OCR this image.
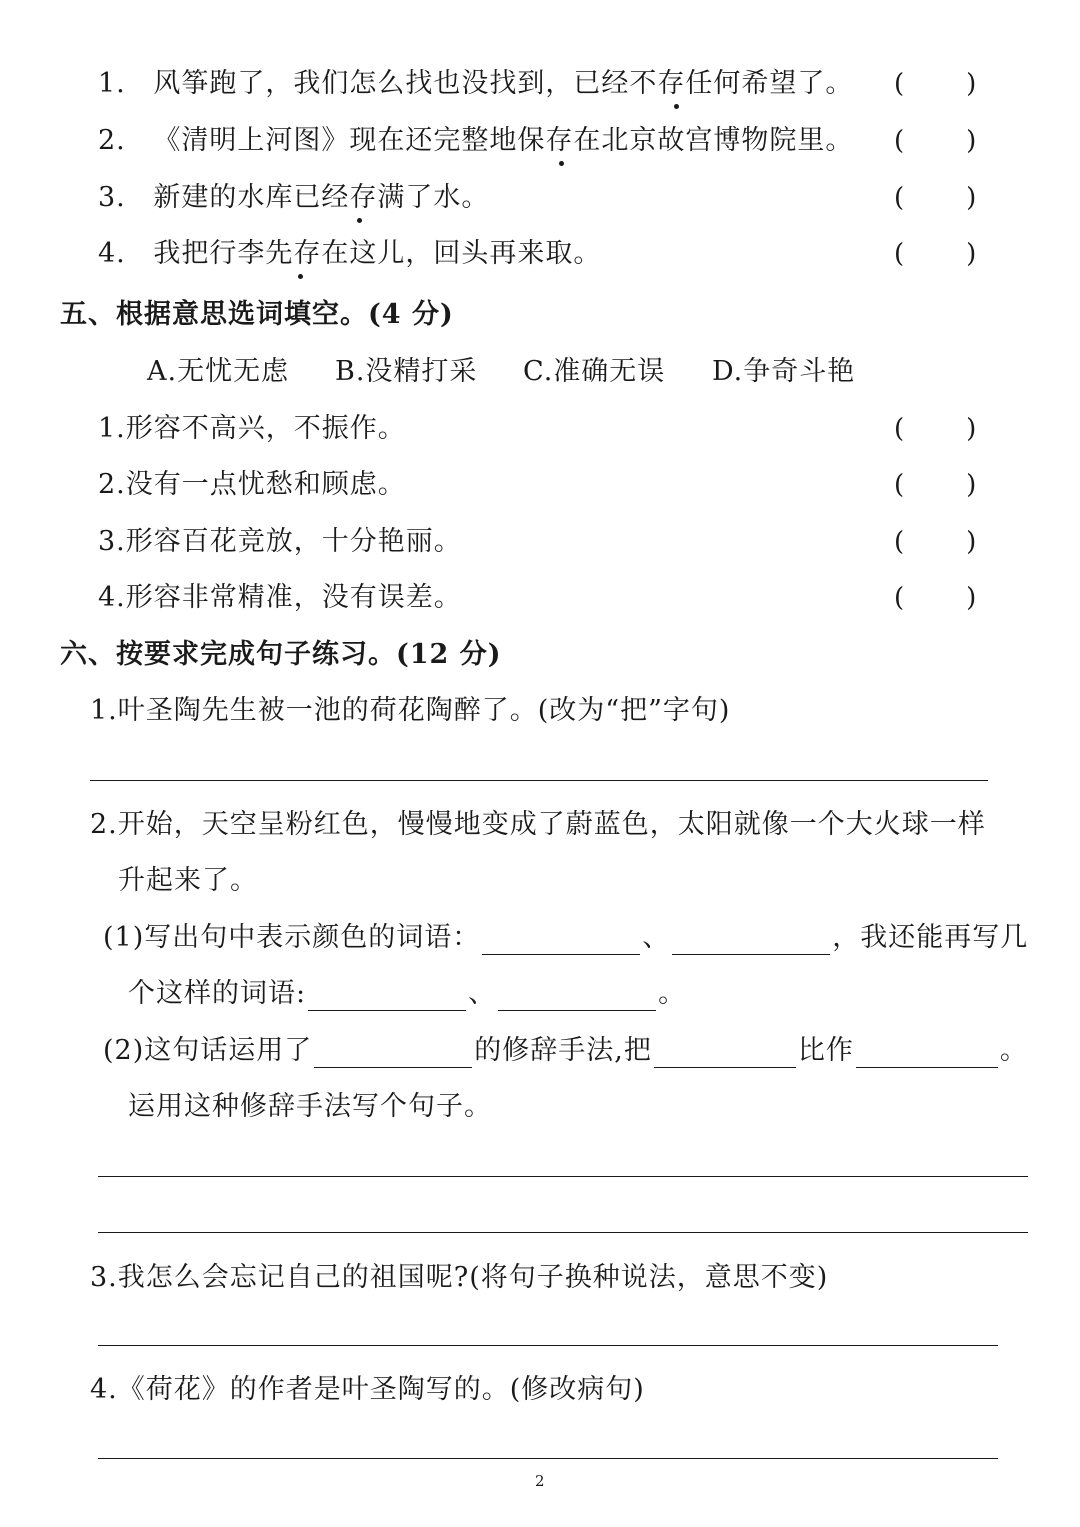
1. 风筝跑了，我们怎么找也没找到，已经不存任何希望了。 ( )
2. 《清明上河图》现在还完整地保存在北京故宫博物院里。 ( )
3. 新建的水库已经存满了水。	( )
4. 我把行李先存在这儿，回头再来取。	( )
五、根据意思选词填空。(4 分)
A.无忧无虑 B.没精打采 C.准确无误 D.争奇斗艳
1.形容不高兴，不振作。	( )
2.没有一点忧愁和顾虑。	( )
3.形容百花竞放，十分艳丽。	( )
4.形容非常精准，没有误差。	( )
六、按要求完成句子练习。(12 分)
1.叶圣陶先生被一池的荷花陶醉了。(改为“把”字句)
2.开始，天空呈粉红色，慢慢地变成了蔚蓝色，太阳就像一个大火球一样
升起来了。
(1)写出句中表示颜色的词语：	、	，我还能再写几
个这样的词语:	、	。
(2)这句话运用了	的修辞手法,把	比作	。
运用这种修辞手法写个句子。
3.我怎么会忘记自己的祖国呢?(将句子换种说法，意思不变)
4.《荷花》的作者是叶圣陶写的。(修改病句)
2
